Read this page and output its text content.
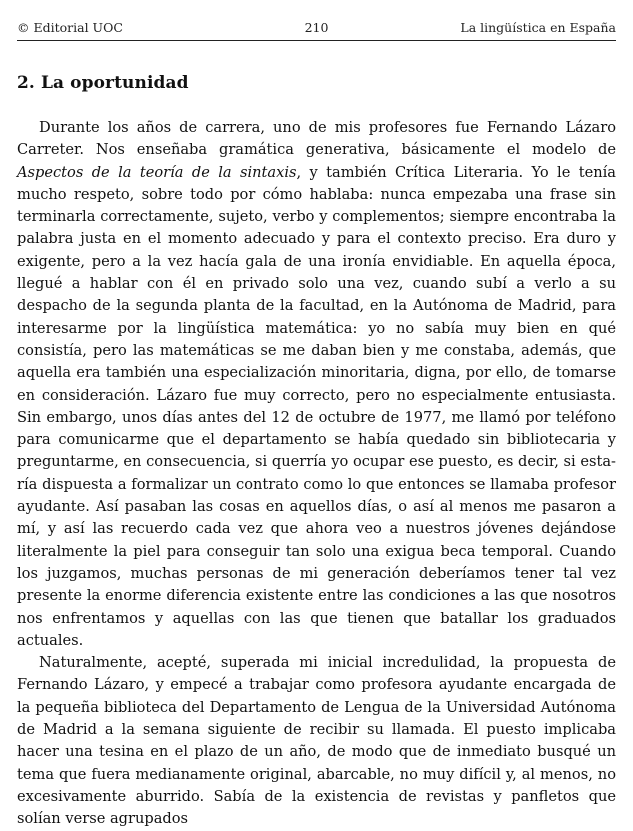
© Editorial UOC	210	La lingüística en España
2. La oportunidad

Durante los años de carrera, uno de mis profesores fue Fernando Lázaro Carreter. Nos enseñaba gramática generativa, básicamente el modelo de Aspectos de la teoría de la sintaxis, y también Crítica Literaria. Yo le tenía mucho respeto, sobre todo por cómo hablaba: nunca empezaba una frase sin terminarla correctamente, sujeto, verbo y complementos; siempre encontraba la palabra justa en el momento adecuado y para el contexto preciso. Era duro y exigente, pero a la vez hacía gala de una ironía envidiable. En aquella época, llegué a hablar con él en privado solo una vez, cuando subí a verlo a su despacho de la segunda planta de la facultad, en la Autónoma de Madrid, para interesarme por la lingüística matemática: yo no sabía muy bien en qué consistía, pero las matemáticas se me daban bien y me constaba, además, que aquella era también una especialización minoritaria, digna, por ello, de tomarse en consideración. Lázaro fue muy correcto, pero no especialmente entusiasta. Sin embargo, unos días antes del 12 de octubre de 1977, me llamó por teléfono para comunicarme que el departamento se había quedado sin bibliotecaria y preguntarme, en consecuencia, si querría yo ocupar ese puesto, es decir, si esta- ría dispuesta a formalizar un contrato como lo que entonces se llamaba profesor ayudante. Así pasaban las cosas en aquellos días, o así al menos me pasaron a mí, y así las recuerdo cada vez que ahora veo a nuestros jóvenes dejándose literalmente la piel para conseguir tan solo una exigua beca temporal. Cuando los juzgamos, muchas personas de mi generación deberíamos tener tal vez presente la enorme diferencia existente entre las condiciones a las que nosotros nos enfrentamos y aquellas con las que tienen que batallar los graduados actuales.

Naturalmente, acepté, superada mi inicial incredulidad, la propuesta de Fernando Lázaro, y empecé a trabajar como profesora ayudante encargada de la pequeña biblioteca del Departamento de Lengua de la Universidad Autónoma de Madrid a la semana siguiente de recibir su llamada. El puesto implicaba hacer una tesina en el plazo de un año, de modo que de inmediato busqué un tema que fuera medianamente original, abarcable, no muy difícil y, al menos, no excesivamente aburrido. Sabía de la existencia de revistas y panfletos que solían verse agrupados
